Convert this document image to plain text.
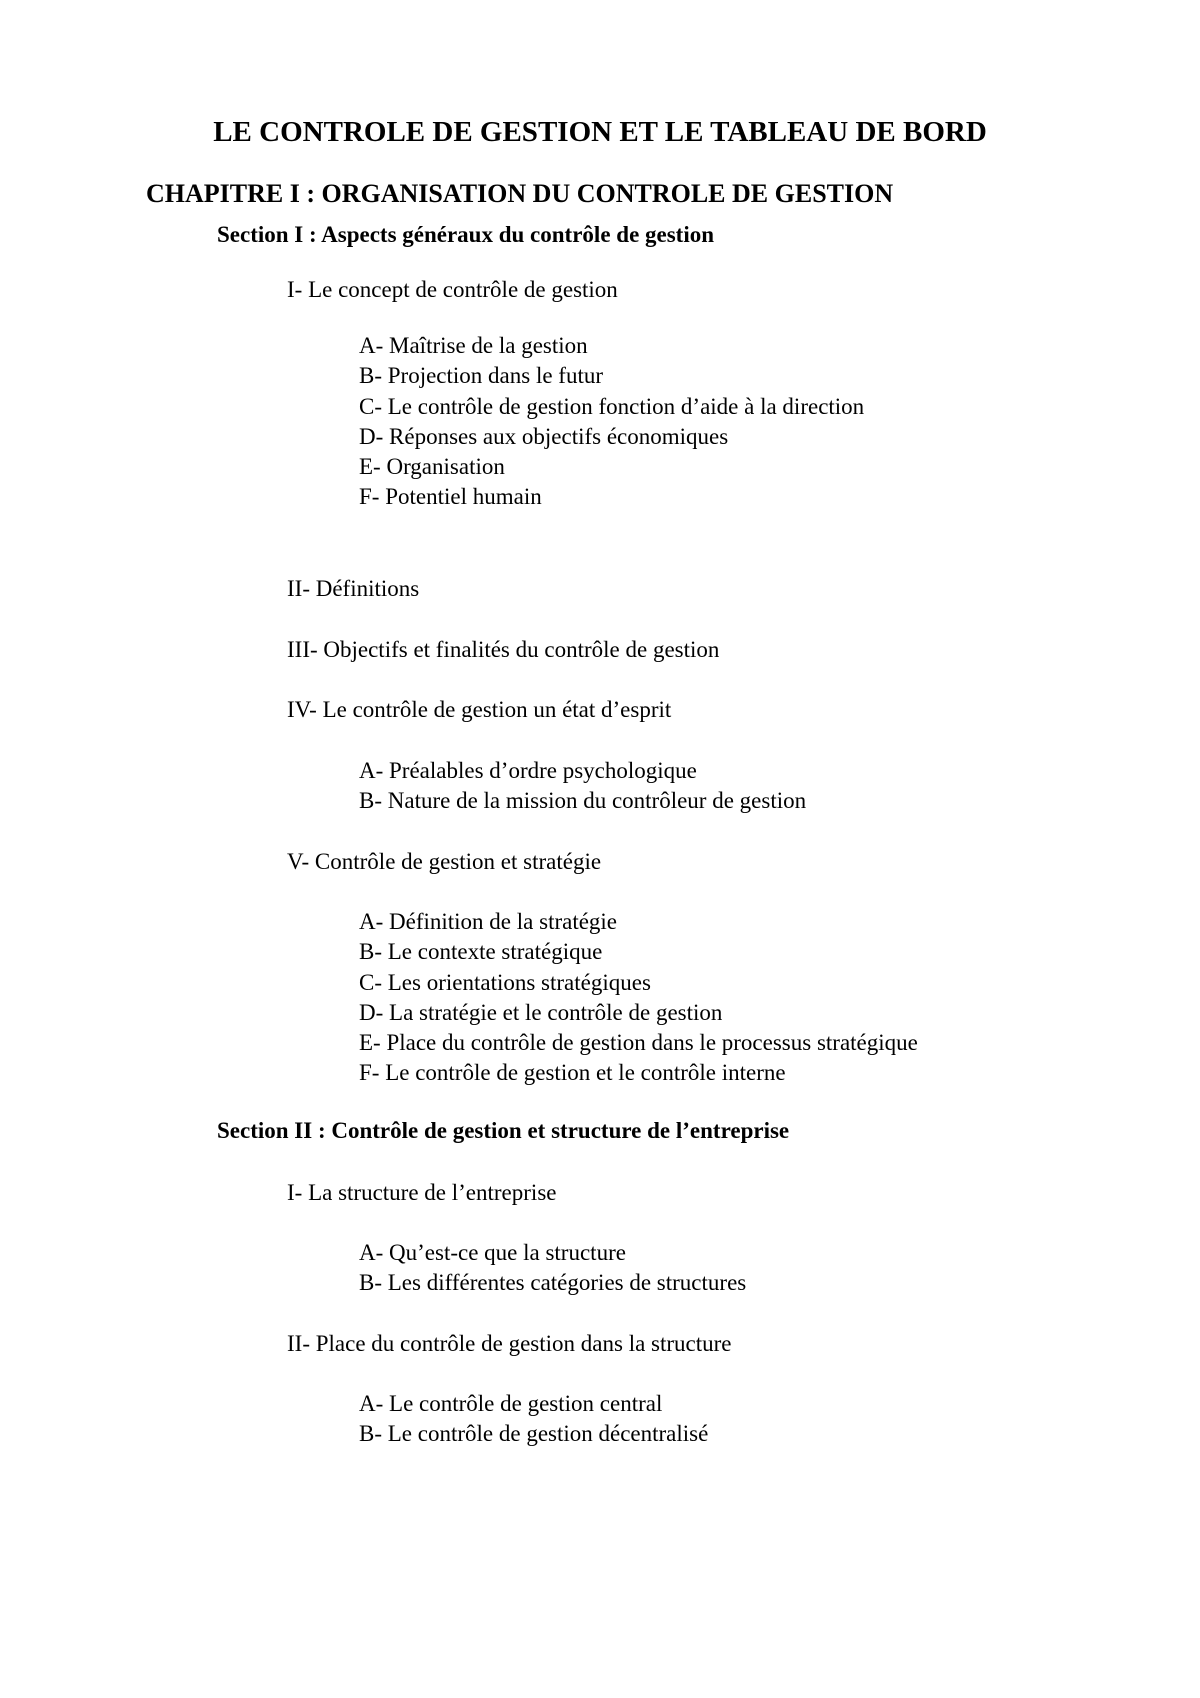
LE CONTROLE DE GESTION ET LE TABLEAU DE BORD
CHAPITRE I : ORGANISATION DU CONTROLE DE GESTION
Section I : Aspects généraux du contrôle de gestion
I- Le concept de contrôle de gestion
A- Maîtrise de la gestion
B- Projection dans le futur
C- Le contrôle de gestion fonction d’aide à la direction
D- Réponses aux objectifs économiques
E- Organisation
F- Potentiel humain
II- Définitions
III- Objectifs et finalités du contrôle de gestion
IV- Le contrôle de gestion un état d’esprit
A- Préalables d’ordre psychologique
B- Nature de la mission du contrôleur de gestion
V- Contrôle de gestion et stratégie
A- Définition de la stratégie
B- Le contexte stratégique
C- Les orientations stratégiques
D- La stratégie et le contrôle de gestion
E- Place du contrôle de gestion dans le processus stratégique
F- Le contrôle de gestion et le contrôle interne
Section II : Contrôle de gestion et structure de l’entreprise
I- La structure de l’entreprise
A- Qu’est-ce que la structure
B- Les différentes catégories de structures
II- Place du contrôle de gestion dans la structure
A- Le contrôle de gestion central
B- Le contrôle de gestion décentralisé
